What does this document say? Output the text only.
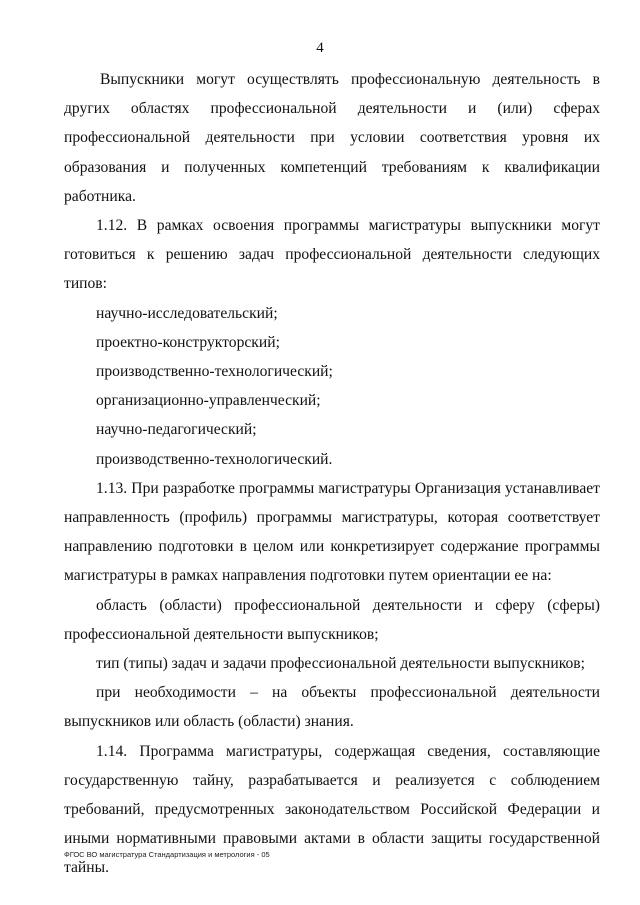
4

Выпускники могут осуществлять профессиональную деятельность в других областях профессиональной деятельности и (или) сферах профессиональной деятельности при условии соответствия уровня их образования и полученных компетенций требованиям к квалификации работника.

1.12. В рамках освоения программы магистратуры выпускники могут готовиться к решению задач профессиональной деятельности следующих типов:

научно-исследовательский;

проектно-конструкторский;

производственно-технологический;

организационно-управленческий;

научно-педагогический;

производственно-технологический.

1.13. При разработке программы магистратуры Организация устанавливает направленность (профиль) программы магистратуры, которая соответствует направлению подготовки в целом или конкретизирует содержание программы магистратуры в рамках направления подготовки путем ориентации ее на:

область (области) профессиональной деятельности и сферу (сферы) профессиональной деятельности выпускников;

тип (типы) задач и задачи профессиональной деятельности выпускников;

при необходимости – на объекты профессиональной деятельности выпускников или область (области) знания.

1.14. Программа магистратуры, содержащая сведения, составляющие государственную тайну, разрабатывается и реализуется с соблюдением требований, предусмотренных законодательством Российской Федерации и иными нормативными правовыми актами в области защиты государственной тайны.

ФГОС ВО магистратура Стандартизация и метрология - 05
